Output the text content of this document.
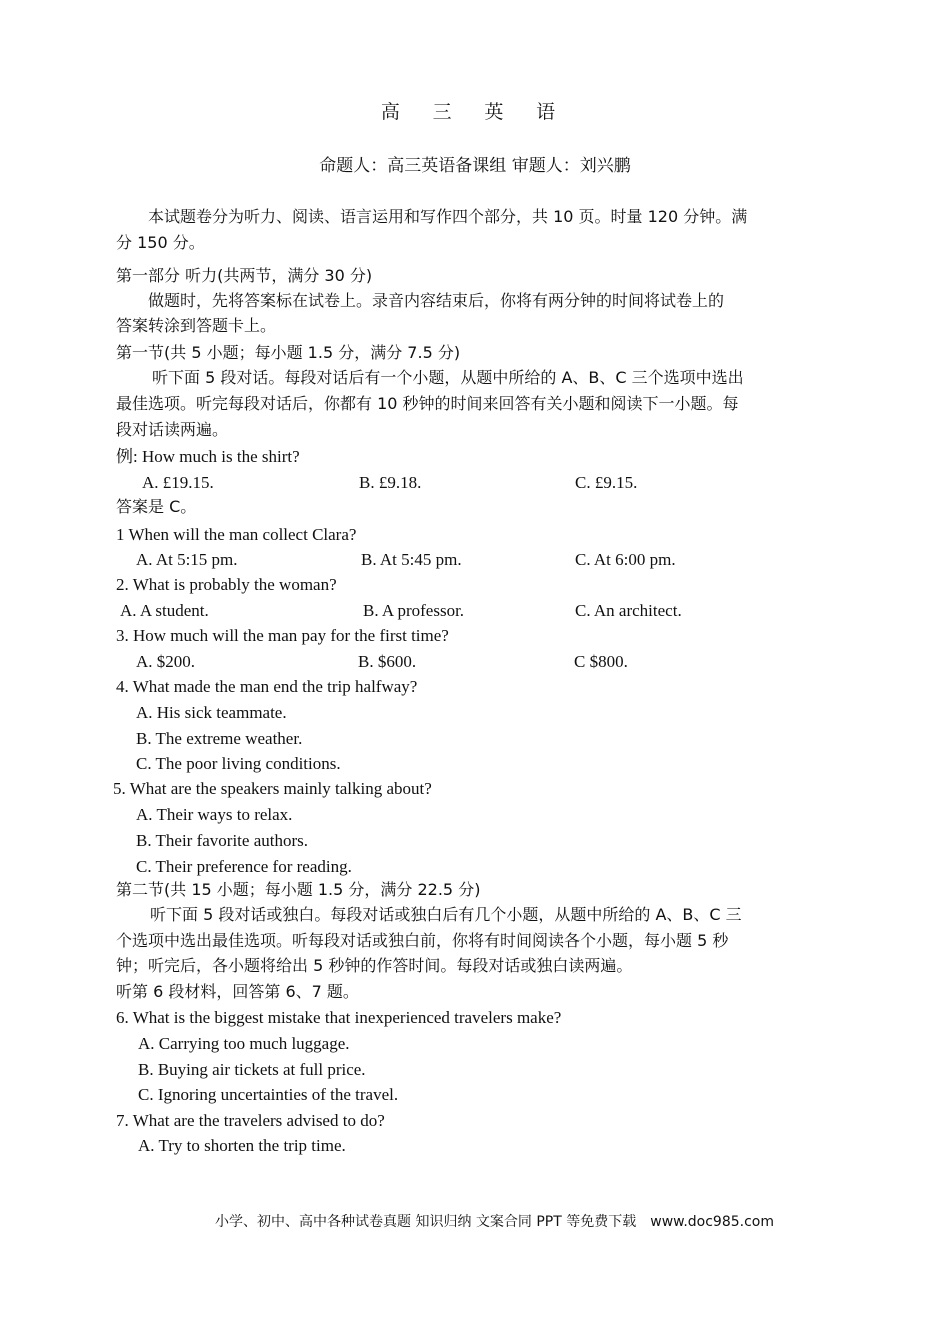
高 三 英 语
命题人：高三英语备课组 审题人：刘兴鹏
本试题卷分为听力、阅读、语言运用和写作四个部分，共 10 页。时量 120 分钟。满
分 150 分。
第一部分 听力(共两节，满分 30 分)
做题时，先将答案标在试卷上。录音内容结束后，你将有两分钟的时间将试卷上的
答案转涂到答题卡上。
第一节(共 5 小题；每小题 1.5 分，满分 7.5 分)
听下面 5 段对话。每段对话后有一个小题，从题中所给的 A、B、C 三个选项中选出
最佳选项。听完每段对话后，你都有 10 秒钟的时间来回答有关小题和阅读下一小题。每
段对话读两遍。
例: How much is the shirt?
A. £19.15.	B. £9.18.	C. £9.15.
答案是 C。
1 When will the man collect Clara?
A. At 5:15 pm.	B. At 5:45 pm.	C. At 6:00 pm.
2. What is probably the woman?
A. A student.	B. A professor.	C. An architect.
3. How much will the man pay for the first time?
A. $200.	B. $600.	C $800.
4. What made the man end the trip halfway?
A. His sick teammate.
B. The extreme weather.
C. The poor living conditions.
5. What are the speakers mainly talking about?
A. Their ways to relax.
B. Their favorite authors.
C. Their preference for reading.
第二节(共 15 小题；每小题 1.5 分，满分 22.5 分)
听下面 5 段对话或独白。每段对话或独白后有几个小题，从题中所给的 A、B、C 三
个选项中选出最佳选项。听每段对话或独白前，你将有时间阅读各个小题，每小题 5 秒
钟；听完后，各小题将给出 5 秒钟的作答时间。每段对话或独白读两遍。
听第 6 段材料，回答第 6、7 题。
6. What is the biggest mistake that inexperienced travelers make?
A. Carrying too much luggage.
B. Buying air tickets at full price.
C. Ignoring uncertainties of the travel.
7. What are the travelers advised to do?
A. Try to shorten the trip time.
小学、初中、高中各种试卷真题 知识归纳 文案合同 PPT 等免费下载 www.doc985.com
